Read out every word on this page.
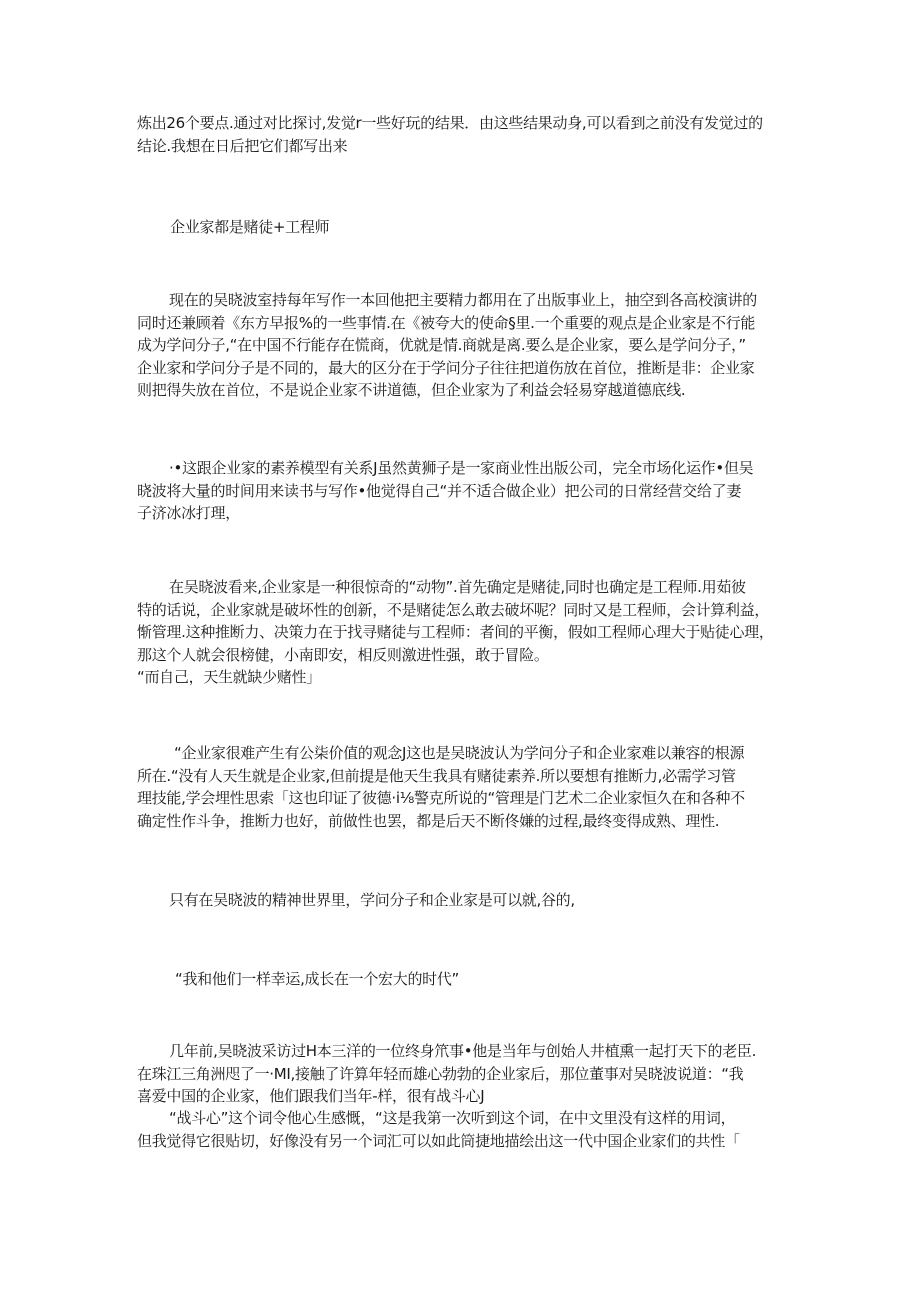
炼出26个要点.通过对比探讨,发觉r一些好玩的结果．由这些结果动身,可以看到之前没有发觉过的
结论.我想在日后把它们都写出来

企业家都是赌徒+工程师

现在的吴晓波室持每年写作一本回他把主要精力都用在了出版事业上，抽空到各高校演讲的
同时还兼顾着《东方早报%的一些事情.在《被夸大的使命§里.一个重要的观点是企业家是不行能
成为学问分子,“在中国不行能存在慌商，优就是情.商就是离.要么是企业家，要么是学问分子，”
企业家和学问分子是不同的，最大的区分在于学问分子往往把道伤放在首位，推断是非：企业家
则把得失放在首位，不是说企业家不讲道德，但企业家为了利益会轻易穿越道德底线.

·•这跟企业家的素养模型有关系J虽然黄狮子是一家商业性出版公司，完全市场化运作•但吴
晓波将大量的时间用来读书与写作•他觉得自己“并不适合做企业）把公司的日常经营交给了妻
子济冰冰打理，

在吴晓波看来,企业家是一种很惊奇的“动物”.首先确定是赌徒,同时也确定是工程师.用茹彼
特的话说，企业家就是破坏性的创新，不是赌徒怎么敢去破坏呢？同时又是工程师，会计算利益，
惭管理.这种推断力、决策力在于找寻赌徒与工程师：者间的平衡，假如工程师心理大于贴徒心理，
那这个人就会很榜健，小南即安，相反则激进性强，敢于冒险。
“而自己，天生就缺少赌性」

“企业家很难产生有公柒价值的观念J这也是吴晓波认为学问分子和企业家难以兼容的根源
所在.“没有人天生就是企业家,但前提是他天生我具有赌徒素养.所以要想有推断力,必需学习管
理技能,学会埋性思索「这也印证了彼德·i⅛警克所说的“管理是门艺术二企业家恒久在和各种不
确定性作斗争，推断力也好，前做性也罢，都是后天不断佟嫌的过程,最终变得成熟、理性.

只有在吴晓波的精神世界里，学问分子和企业家是可以就,谷的,

“我和他们一样幸运,成长在一个宏大的时代”

几年前,吴晓波采访过H本三洋的一位终身笊事•他是当年与创始人井植熏一起打天下的老臣.
在珠江三角洲咫了一·MI,接触了许算年轻而雄心勃勃的企业家后，那位董事对吴晓波说道：“我
喜爱中国的企业家，他们跟我们当年-样，很有战斗心J

“战斗心”这个词令他心生感慨，“这是我第一次听到这个词，在中文里没有这样的用词，
但我觉得它很贴切，好像没有另一个词汇可以如此筒捷地描绘出这一代中国企业家们的共性「
